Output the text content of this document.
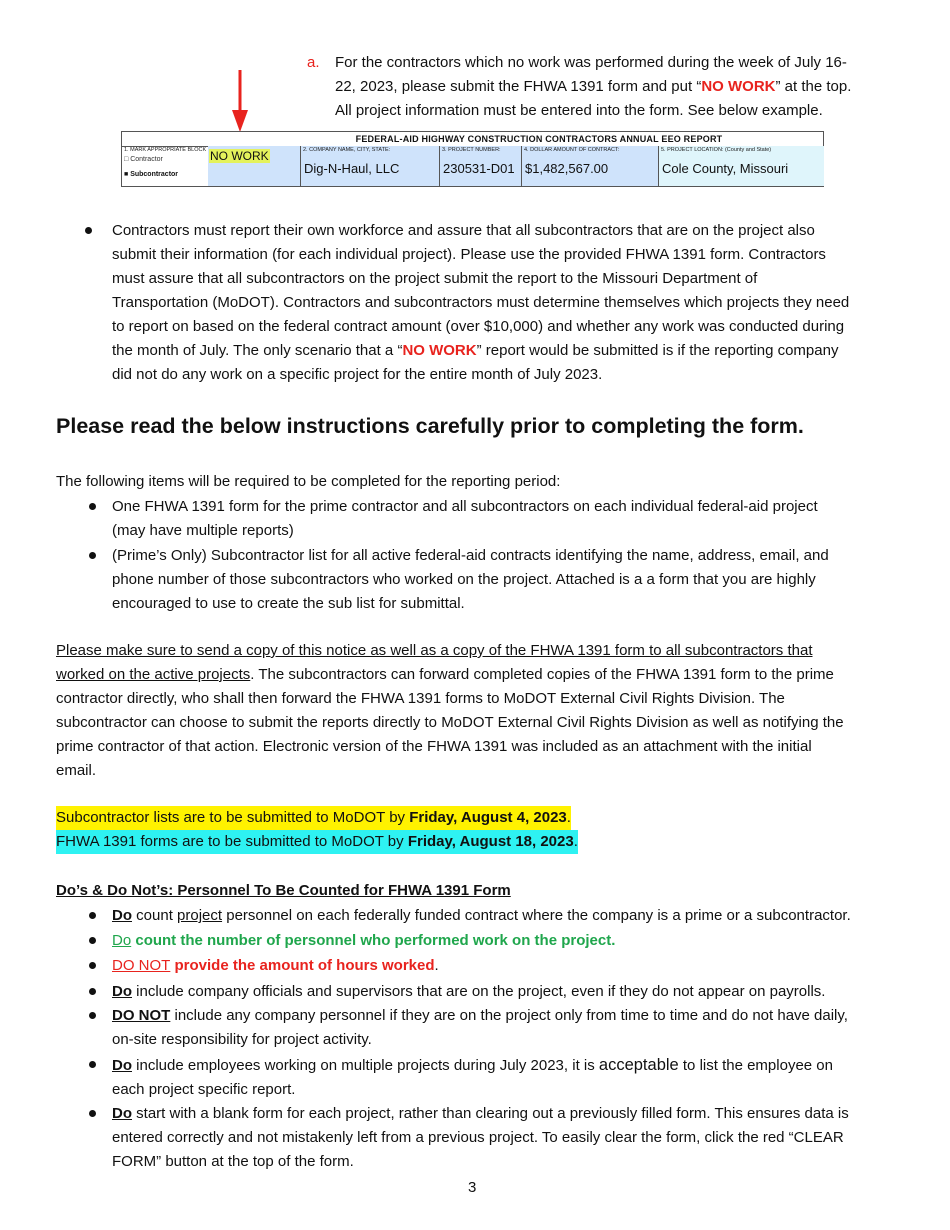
a. For the contractors which no work was performed during the week of July 16-
22, 2023, please submit the FHWA 1391 form and put “NO WORK” at the top.
All project information must be entered into the form. See below example.
FEDERAL-AID HIGHWAY CONSTRUCTION CONTRACTORS ANNUAL EEO REPORT
1. MARK APPROPRIATE BLOCK
□ Contractor
■ Subcontractor
NO WORK	2. COMPANY NAME, CITY, STATE:
Dig-N-Haul, LLC
3. PROJECT NUMBER:
230531-D01
4. DOLLAR AMOUNT OF CONTRACT:
$1,482,567.00
5. PROJECT LOCATION: (County and State)
Cole County, Missouri
Contractors must report their own workforce and assure that all subcontractors that are on the project also
submit their information (for each individual project). Please use the provided FHWA 1391 form. Contractors
must assure that all subcontractors on the project submit the report to the Missouri Department of
Transportation (MoDOT). Contractors and subcontractors must determine themselves which projects they need
to report on based on the federal contract amount (over $10,000) and whether any work was conducted during
the month of July. The only scenario that a “NO WORK” report would be submitted is if the reporting company
did not do any work on a specific project for the entire month of July 2023.
Please read the below instructions carefully prior to completing the form.
The following items will be required to be completed for the reporting period:
One FHWA 1391 form for the prime contractor and all subcontractors on each individual federal-aid project
(may have multiple reports)
(Prime’s Only) Subcontractor list for all active federal-aid contracts identifying the name, address, email, and
phone number of those subcontractors who worked on the project. Attached is a a form that you are highly
encouraged to use to create the sub list for submittal.
Please make sure to send a copy of this notice as well as a copy of the FHWA 1391 form to all subcontractors that
worked on the active projects. The subcontractors can forward completed copies of the FHWA 1391 form to the prime
contractor directly, who shall then forward the FHWA 1391 forms to MoDOT External Civil Rights Division. The
subcontractor can choose to submit the reports directly to MoDOT External Civil Rights Division as well as notifying the
prime contractor of that action. Electronic version of the FHWA 1391 was included as an attachment with the initial
email.
Subcontractor lists are to be submitted to MoDOT by Friday, August 4, 2023.
FHWA 1391 forms are to be submitted to MoDOT by Friday, August 18, 2023.
Do’s & Do Not’s: Personnel To Be Counted for FHWA 1391 Form
Do count project personnel on each federally funded contract where the company is a prime or a subcontractor.
Do count the number of personnel who performed work on the project.
DO NOT provide the amount of hours worked.
Do include company officials and supervisors that are on the project, even if they do not appear on payrolls.
DO NOT include any company personnel if they are on the project only from time to time and do not have daily,
on-site responsibility for project activity.
Do include employees working on multiple projects during July 2023, it is acceptable to list the employee on
each project specific report.
Do start with a blank form for each project, rather than clearing out a previously filled form. This ensures data is
entered correctly and not mistakenly left from a previous project. To easily clear the form, click the red “CLEAR
FORM” button at the top of the form.
3
